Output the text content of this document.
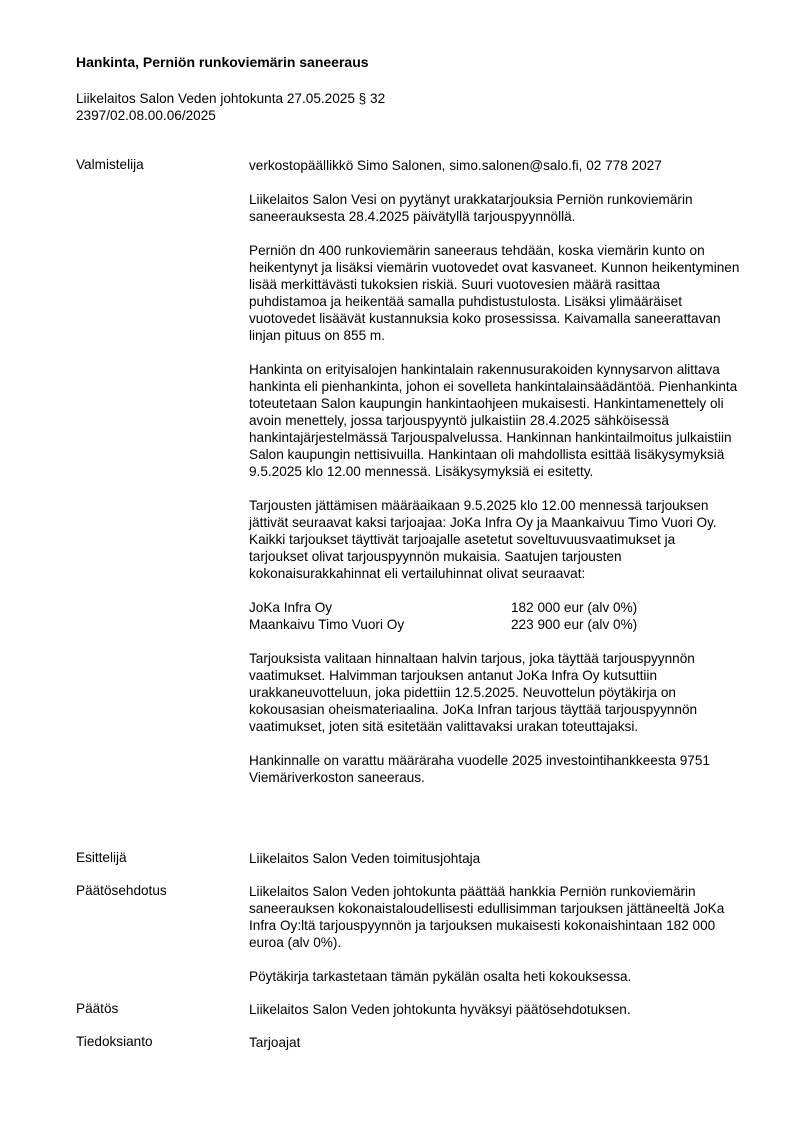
Hankinta, Perniön runkoviemärin saneeraus
Liikelaitos Salon Veden johtokunta 27.05.2025 § 32
2397/02.08.00.06/2025
Valmistelija	verkostopäällikkö Simo Salonen, simo.salonen@salo.fi, 02 778 2027
Liikelaitos Salon Vesi on pyytänyt urakkatarjouksia Perniön runkoviemärin saneerauksesta 28.4.2025 päivätyllä tarjouspyynnöllä.
Perniön dn 400 runkoviemärin saneeraus tehdään, koska viemärin kunto on heikentynyt ja lisäksi viemärin vuotovedet ovat kasvaneet. Kunnon heikentyminen lisää merkittävästi tukoksien riskiä. Suuri vuotovesien määrä rasittaa puhdistamoa ja heikentää samalla puhdistustulosta. Lisäksi ylimääräiset vuotovedet lisäävät kustannuksia koko prosessissa. Kaivamalla saneerattavan linjan pituus on 855 m.
Hankinta on erityisalojen hankintalain rakennusurakoiden kynnysarvon alittava hankinta eli pienhankinta, johon ei sovelleta hankintalainsäädäntöä. Pienhankinta toteutetaan Salon kaupungin hankintaohjeen mukaisesti. Hankintamenettely oli avoin menettely, jossa tarjouspyyntö julkaistiin 28.4.2025 sähköisessä hankintajärjestelmässä Tarjouspalvelussa. Hankinnan hankintailmoitus julkaistiin Salon kaupungin nettisivuilla. Hankintaan oli mahdollista esittää lisäkysymyksiä 9.5.2025 klo 12.00 mennessä. Lisäkysymyksiä ei esitetty.
Tarjousten jättämisen määräaikaan 9.5.2025 klo 12.00 mennessä tarjouksen jättivät seuraavat kaksi tarjoajaa: JoKa Infra Oy ja Maankaivuu Timo Vuori Oy. Kaikki tarjoukset täyttivät tarjoajalle asetetut soveltuvuusvaatimukset ja tarjoukset olivat tarjouspyynnön mukaisia. Saatujen tarjousten kokonaisurakkahinnat eli vertailuhinnat olivat seuraavat:
JoKa Infra Oy	182 000 eur (alv 0%)
Maankaivu Timo Vuori Oy	223 900 eur (alv 0%)
Tarjouksista valitaan hinnaltaan halvin tarjous, joka täyttää tarjouspyynnön vaatimukset. Halvimman tarjouksen antanut JoKa Infra Oy kutsuttiin urakkaneuvotteluun, joka pidettiin 12.5.2025. Neuvottelun pöytäkirja on kokousasian oheismateriaalina. JoKa Infran tarjous täyttää tarjouspyynnön vaatimukset, joten sitä esitetään valittavaksi urakan toteuttajaksi.
Hankinnalle on varattu määräraha vuodelle 2025 investointihankkeesta 9751 Viemäriverkoston saneeraus.
Esittelijä	Liikelaitos Salon Veden toimitusjohtaja
Päätösehdotus	Liikelaitos Salon Veden johtokunta päättää hankkia Perniön runkoviemärin saneerauksen kokonaistaloudellisesti edullisimman tarjouksen jättäneeltä JoKa Infra Oy:ltä tarjouspyynnön ja tarjouksen mukaisesti kokonaishintaan 182 000 euroa (alv 0%).
Pöytäkirja tarkastetaan tämän pykälän osalta heti kokouksessa.
Päätös	Liikelaitos Salon Veden johtokunta hyväksyi päätösehdotuksen.
Tiedoksianto	Tarjoajat
